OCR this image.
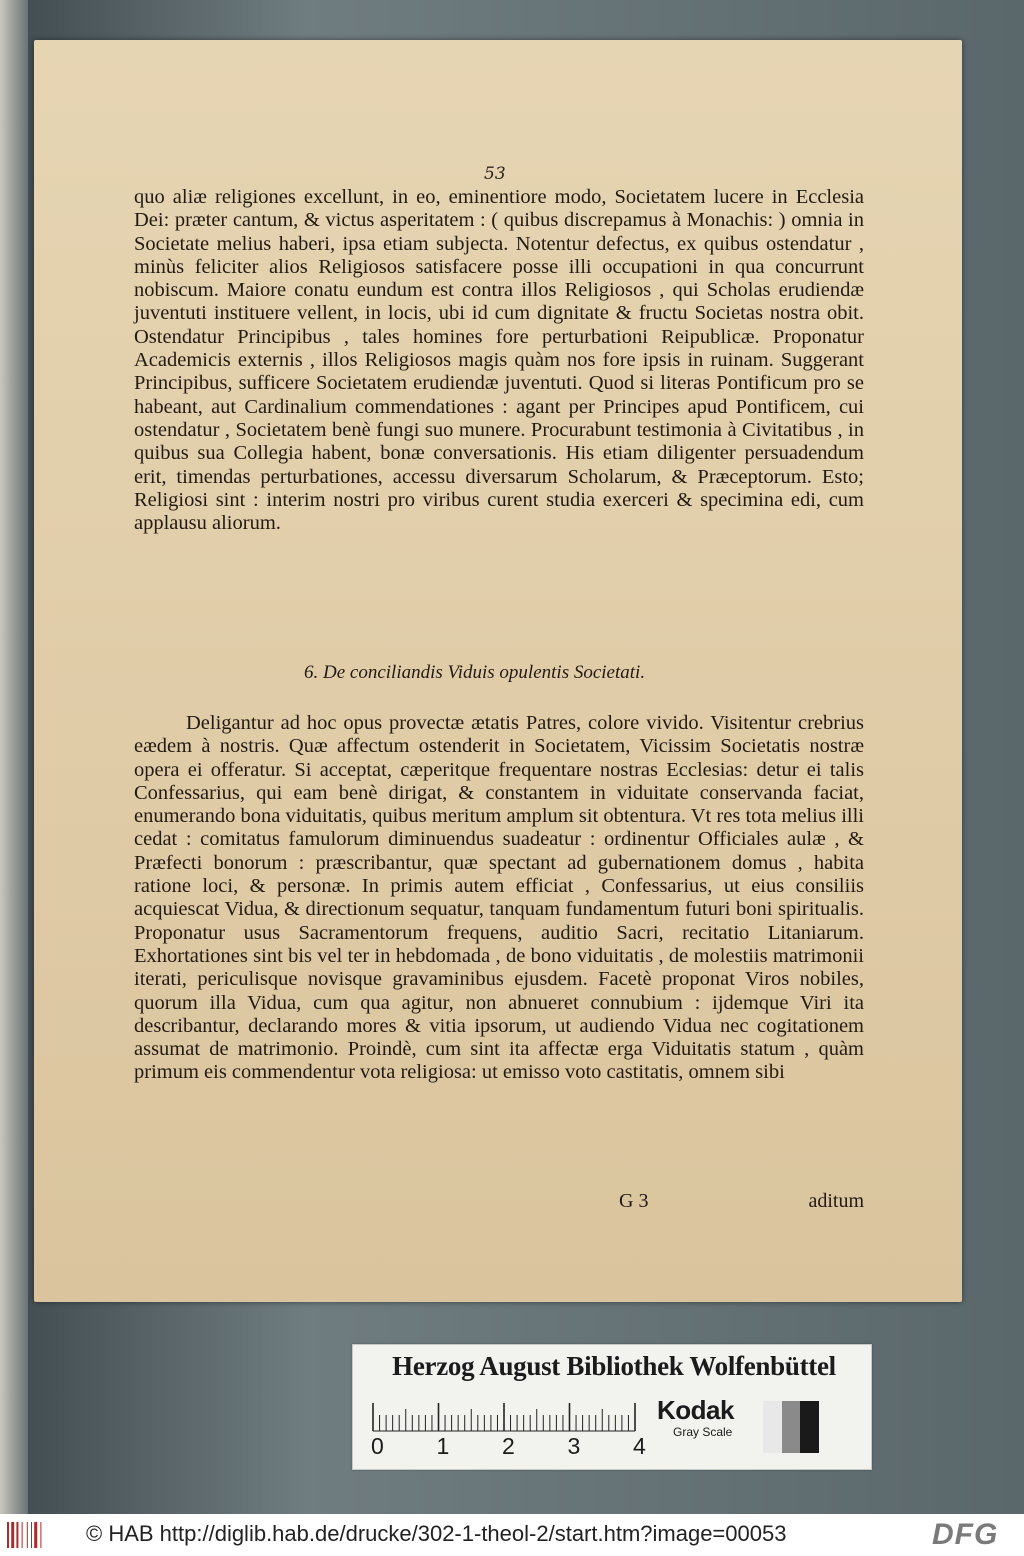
53

quo aliæ religiones excellunt, in eo, eminentiore modo, Societatem lucere in Ecclesia Dei: præter cantum, & victus asperitatem : ( quibus discrepamus à Monachis: ) omnia in Societate melius haberi, ipsa etiam subjecta. Notentur defectus, ex quibus ostendatur , minùs feliciter alios Religiosos satisfacere posse illi occupationi in qua concurrunt nobiscum. Maiore conatu eundum est contra illos Religiosos , qui Scholas erudiendæ juventuti instituere vellent, in locis, ubi id cum dignitate & fructu Societas nostra obit. Ostendatur Principibus , tales homines fore perturbationi Reipublicæ. Proponatur Academicis externis , illos Religiosos magis quàm nos fore ipsis in ruinam. Suggerant Principibus, sufficere Societatem erudiendæ juventuti. Quod si literas Pontificum pro se habeant, aut Cardinalium commendationes : agant per Principes apud Pontificem, cui ostendatur , Societatem benè fungi suo munere. Procurabunt testimonia à Civitatibus , in quibus sua Collegia habent, bonæ conversationis. His etiam diligenter persuadendum erit, timendas perturbationes, accessu diversarum Scholarum, & Præceptorum. Esto; Religiosi sint : interim nostri pro viribus curent studia exerceri & specimina edi, cum applausu aliorum.

6. De conciliandis Viduis opulentis Societati.

Deligantur ad hoc opus provectæ ætatis Patres, colore vivido. Visitentur crebrius eædem à nostris. Quæ affectum ostenderit in Societatem, Vicissim Societatis nostræ opera ei offeratur. Si acceptat, cæperitque frequentare nostras Ecclesias: detur ei talis Confessarius, qui eam benè dirigat, & constantem in viduitate conservanda faciat, enumerando bona viduitatis, quibus meritum amplum sit obtentura. Vt res tota melius illi cedat : comitatus famulorum diminuendus suadeatur : ordinentur Officiales aulæ , & Præfecti bonorum : præscribantur, quæ spectant ad gubernationem domus , habita ratione loci, & personæ. In primis autem efficiat , Confessarius, ut eius consiliis acquiescat Vidua, & directionum sequatur, tanquam fundamentum futuri boni spiritualis. Proponatur usus Sacramentorum frequens, auditio Sacri, recitatio Litaniarum. Exhortationes sint bis vel ter in hebdomada , de bono viduitatis , de molestiis matrimonii iterati, periculisque novisque gravaminibus ejusdem. Facetè proponat Viros nobiles, quorum illa Vidua, cum qua agitur, non abnueret connubium : ijdemque Viri ita describantur, declarando mores & vitia ipsorum, ut audiendo Vidua nec cogitationem assumat de matrimonio. Proindè, cum sint ita affectæ erga Viduitatis statum , quàm primum eis commendentur vota religiosa: ut emisso voto castitatis, omnem sibi

G 3	aditum
Herzog August Bibliothek Wolfenbüttel
0 1 2 3 4
Kodak
Gray Scale
© HAB http://diglib.hab.de/drucke/302-1-theol-2/start.htm?image=00053	DFG
